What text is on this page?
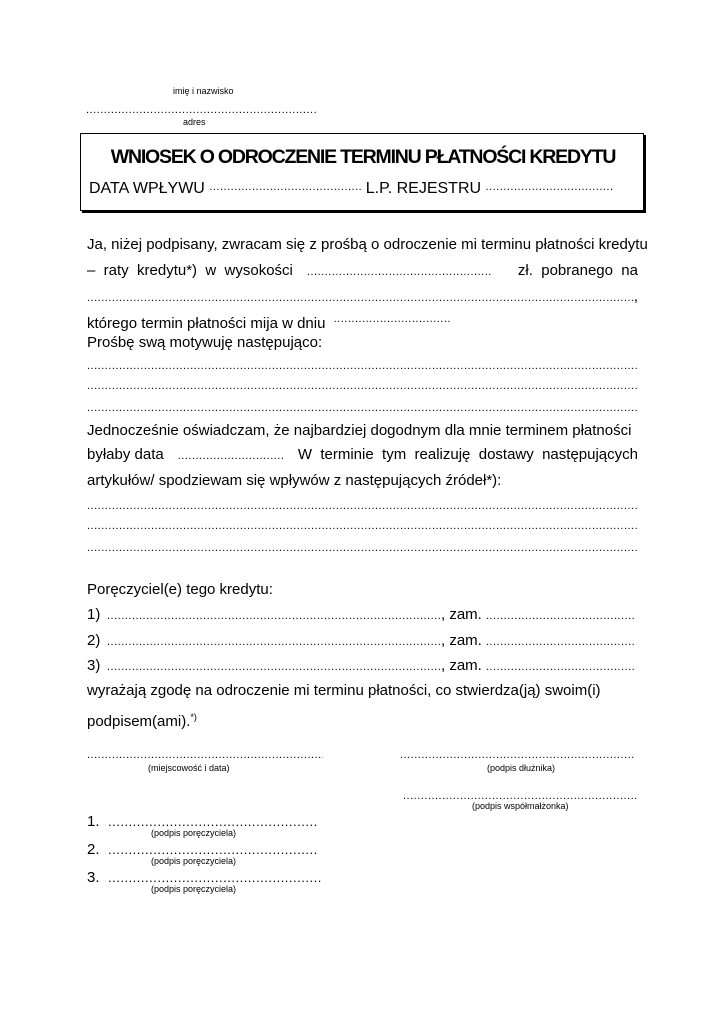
imię i nazwisko
.....
adres
WNIOSEK O ODROCZENIE TERMINU PŁATNOŚCI KREDYTU
DATA WPŁYWU .....	L.P. REJESTRU .....
Ja, niżej podpisany, zwracam się z prośbą o odroczenie mi terminu płatności kredytu
–  raty  kredytu*)  w  wysokości .....	zł.  pobranego  na
.....
,
którego termin płatności mija w dniu .....
Prośbę swą motywuję następująco:
.....
.....
.....
Jednocześnie oświadczam, że najbardziej dogodnym dla mnie terminem płatności
byłaby data .....	W  terminie  tym  realizuję  dostawy  następujących
artykułów/ spodziewam się wpływów z następujących źródeł*):
.....
.....
.....
Poręczyciel(e) tego kredytu:
1) .....	, zam.
.....
2) .....	, zam.
.....
3) .....	, zam.
.....
wyrażają zgodę na odroczenie mi terminu płatności, co stwierdza(ją) swoim(i)
podpisem(ami).*)
.....
(miejscowość i data)
.....	(podpis dłużnika)
.....
(podpis współmałżonka)
1.
.....
(podpis poręczyciela)
2.
.....
(podpis poręczyciela)
3.
.....
(podpis poręczyciela)
